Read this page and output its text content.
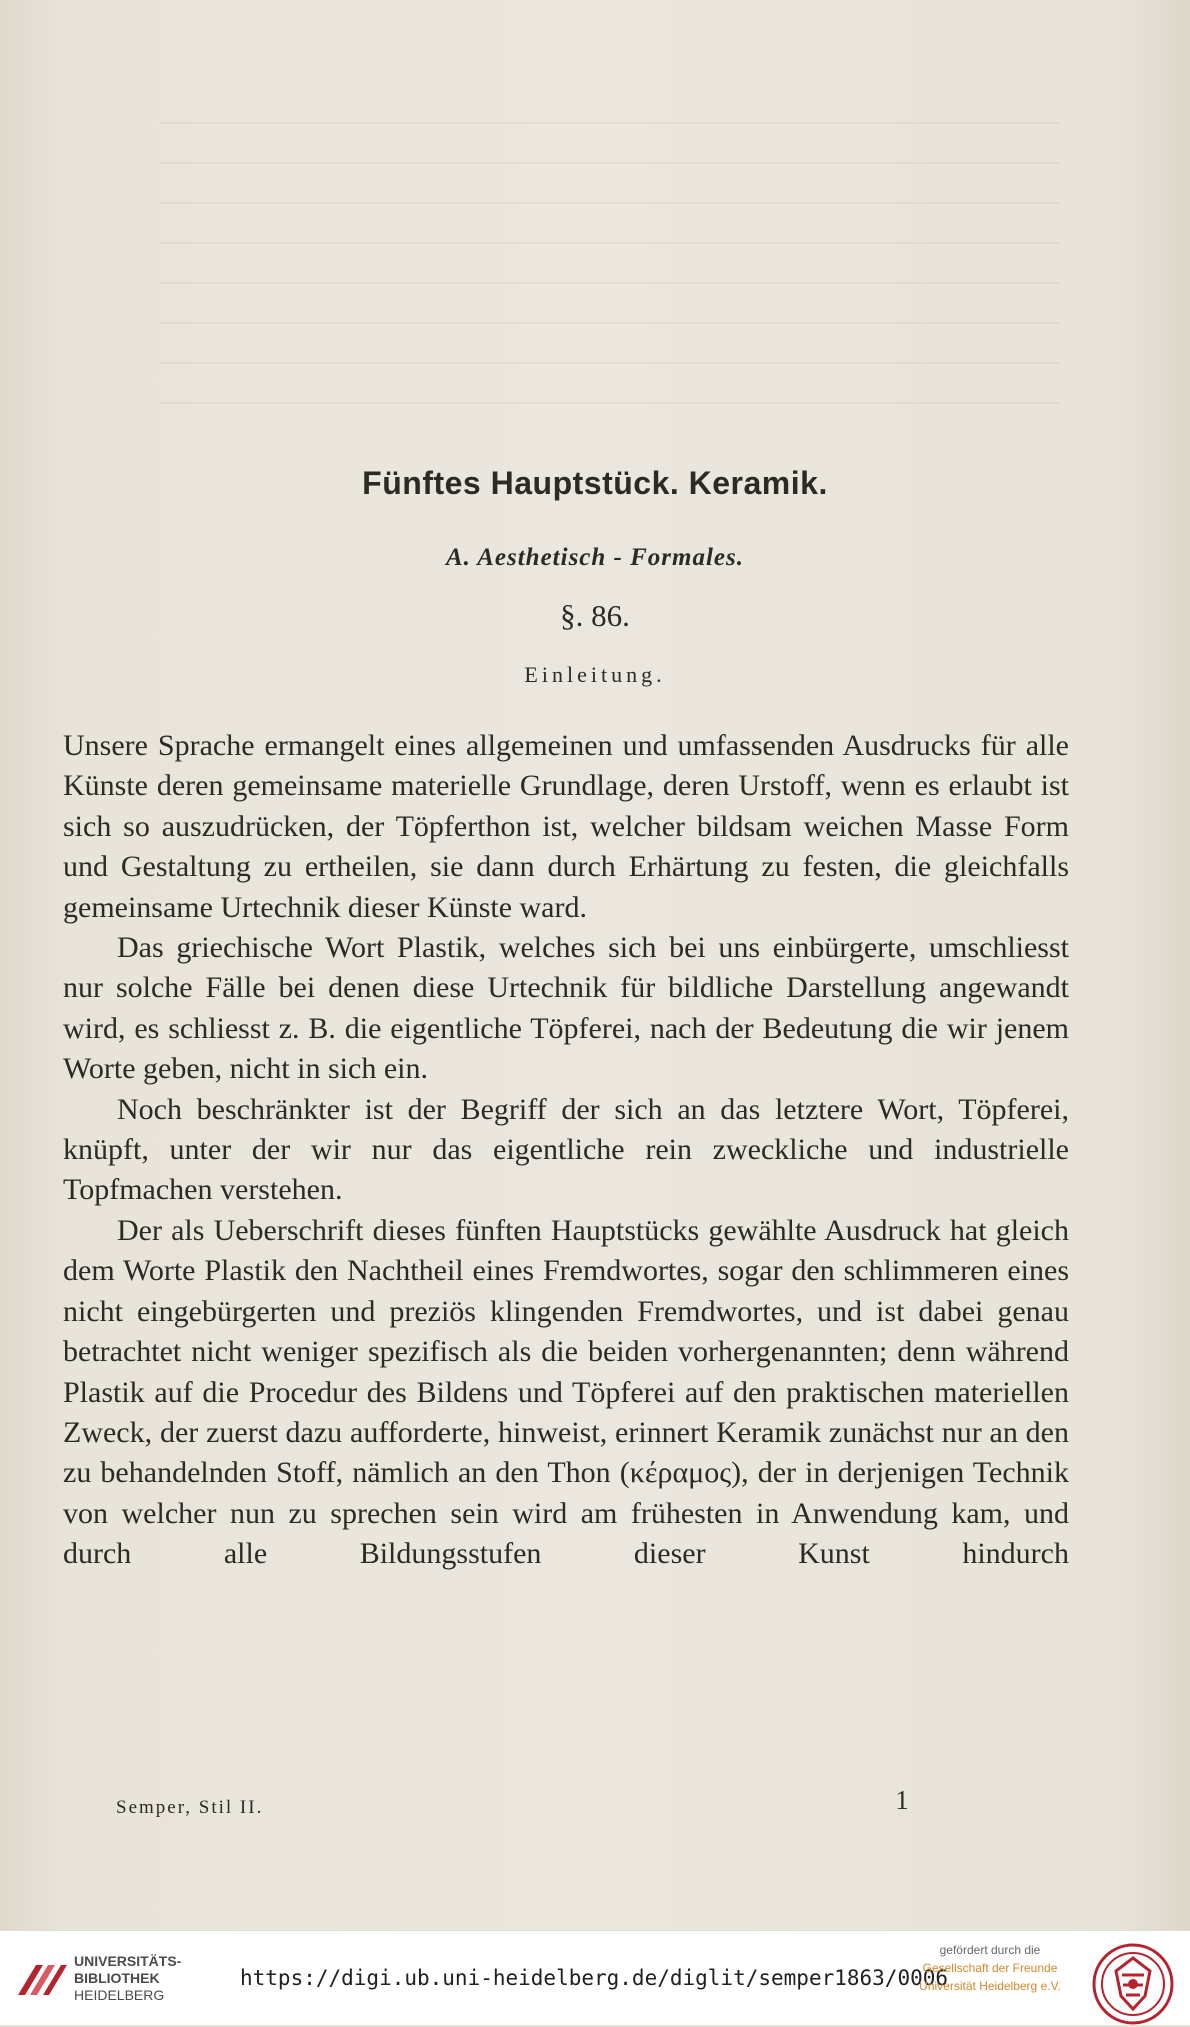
Fünftes Hauptstück. Keramik.
A. Aesthetisch - Formales.
§. 86.
Einleitung.

Unsere Sprache ermangelt eines allgemeinen und umfassenden Ausdrucks für alle Künste deren gemeinsame materielle Grundlage, deren Urstoff, wenn es erlaubt ist sich so auszudrücken, der Töpferthon ist, welcher bildsam weichen Masse Form und Gestaltung zu ertheilen, sie dann durch Erhärtung zu festen, die gleichfalls gemeinsame Urtechnik dieser Künste ward.

Das griechische Wort Plastik, welches sich bei uns einbürgerte, umschliesst nur solche Fälle bei denen diese Urtechnik für bildliche Darstellung angewandt wird, es schliesst z. B. die eigentliche Töpferei, nach der Bedeutung die wir jenem Worte geben, nicht in sich ein.

Noch beschränkter ist der Begriff der sich an das letztere Wort, Töpferei, knüpft, unter der wir nur das eigentliche rein zweckliche und industrielle Topfmachen verstehen.

Der als Ueberschrift dieses fünften Hauptstücks gewählte Ausdruck hat gleich dem Worte Plastik den Nachtheil eines Fremdwortes, sogar den schlimmeren eines nicht eingebürgerten und preziös klingenden Fremdwortes, und ist dabei genau betrachtet nicht weniger spezifisch als die beiden vorhergenannten; denn während Plastik auf die Procedur des Bildens und Töpferei auf den praktischen materiellen Zweck, der zuerst dazu aufforderte, hinweist, erinnert Keramik zunächst nur an den zu behandelnden Stoff, nämlich an den Thon (κέραμος), der in derjenigen Technik von welcher nun zu sprechen sein wird am frühesten in Anwendung kam, und durch alle Bildungsstufen dieser Kunst hindurch

Semper, Stil II.	1
UNIVERSITÄTS-
BIBLIOTHEK
HEIDELBERG
https://digi.ub.uni-heidelberg.de/diglit/semper1863/0006
gefördert durch die
Gesellschaft der Freunde
Universität Heidelberg e.V.
